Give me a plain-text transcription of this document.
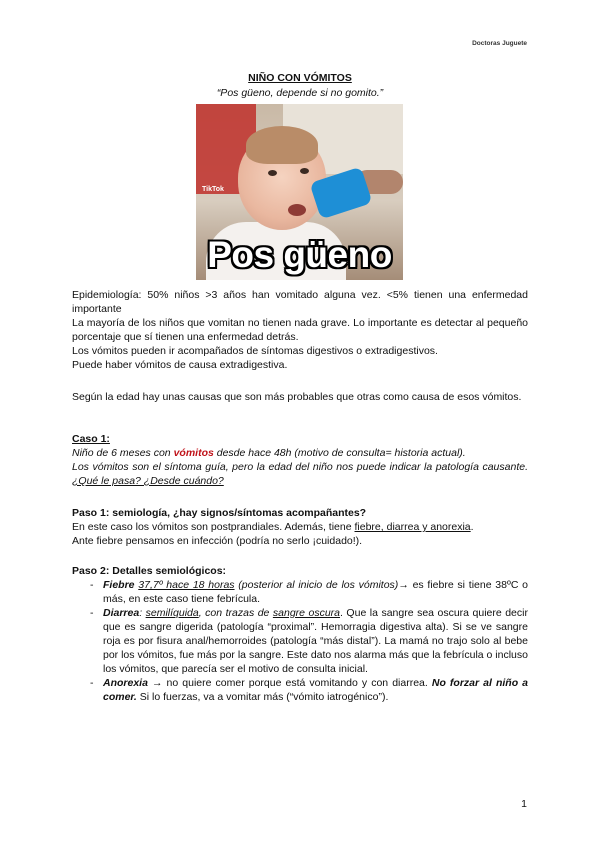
Doctoras Juguete
NIÑO CON VÓMITOS
“Pos güeno, depende si no gomito.”
TikTok
Pos güeno

Epidemiología: 50% niños >3 años han vomitado alguna vez. <5% tienen una enfermedad importante

La mayoría de los niños que vomitan no tienen nada grave. Lo importante es detectar al pequeño porcentaje que sí tienen una enfermedad detrás.

Los vómitos pueden ir acompañados de síntomas digestivos o extradigestivos.

Puede haber vómitos de causa extradigestiva.

Según la edad hay unas causas que son más probables que otras como causa de esos vómitos.

Caso 1:

Niño de 6 meses con vómitos desde hace 48h (motivo de consulta= historia actual).

Los vómitos son el síntoma guía, pero la edad del niño nos puede indicar la patología causante. ¿Qué le pasa? ¿Desde cuándo?

Paso 1: semiología, ¿hay signos/síntomas acompañantes?

En este caso los vómitos son postprandiales. Además, tiene fiebre, diarrea y anorexia.

Ante fiebre pensamos en infección (podría no serlo ¡cuidado!).

Paso 2: Detalles semiológicos:

- Fiebre 37,7º hace 18 horas (posterior al inicio de los vómitos)→ es fiebre si tiene 38ºC o más, en este caso tiene febrícula.
- Diarrea: semilíquida, con trazas de sangre oscura. Que la sangre sea oscura quiere decir que es sangre digerida (patología “proximal”. Hemorragia digestiva alta). Si se ve sangre roja es por fisura anal/hemorroides (patología “más distal”). La mamá no trajo solo al bebe por los vómitos, fue más por la sangre. Este dato nos alarma más que la febrícula o incluso los vómitos, que parecía ser el motivo de consulta inicial.
- Anorexia → no quiere comer porque está vomitando y con diarrea. No forzar al niño a comer. Si lo fuerzas, va a vomitar más (“vómito iatrogénico”).
1
